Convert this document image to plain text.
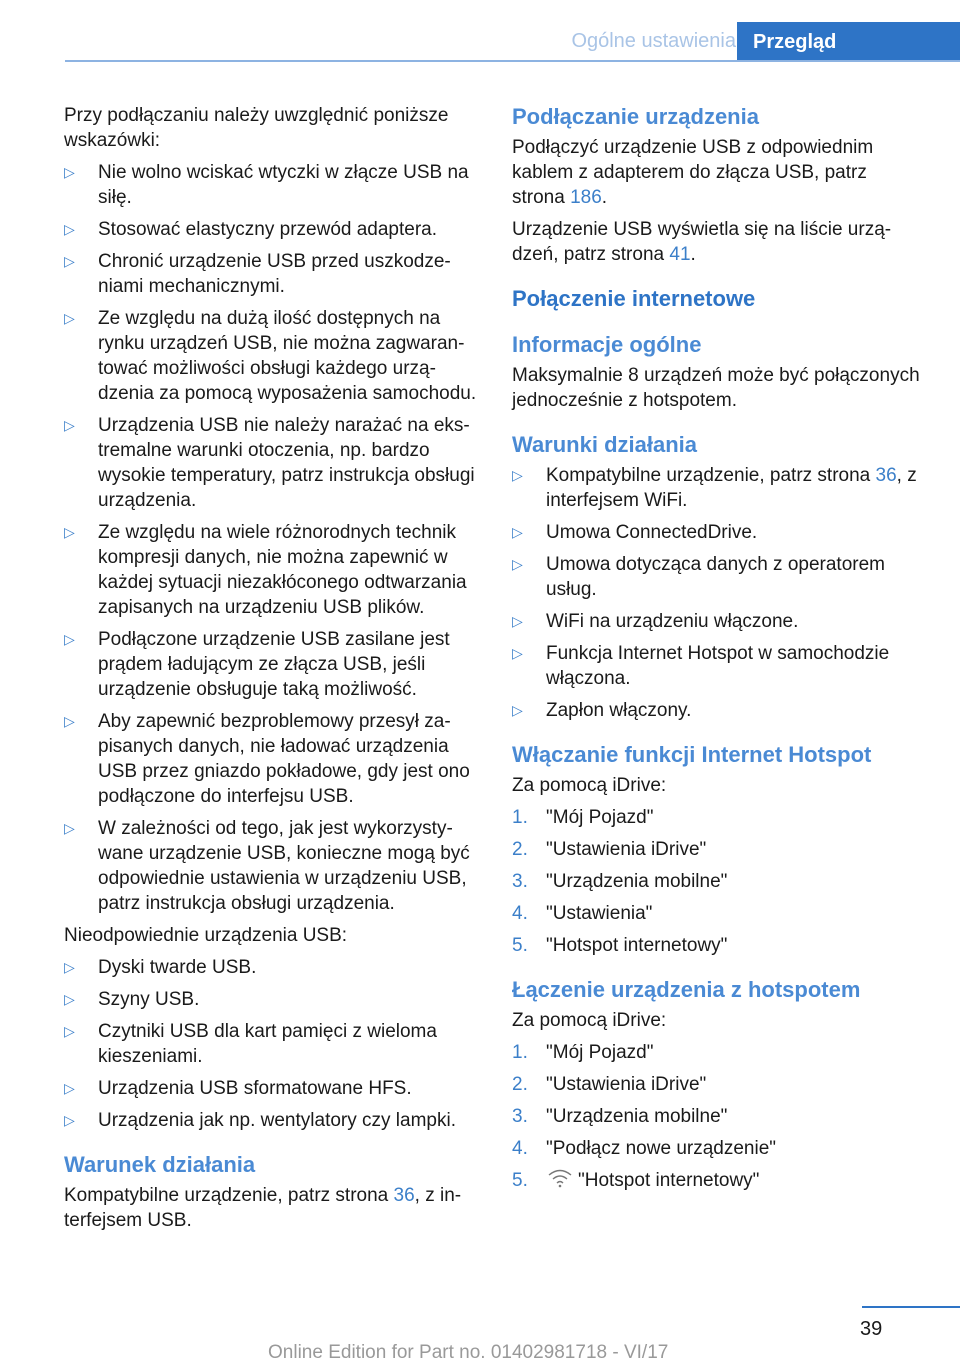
Ogólne ustawienia Przegląd

Przy podłączaniu należy uwzględnić poniższe wskazówki:

▷ Nie wolno wciskać wtyczki w złącze USB na siłę.
▷ Stosować elastyczny przewód adaptera.
▷ Chronić urządzenie USB przed uszkodzeniami mechanicznymi.
▷ Ze względu na dużą ilość dostępnych na rynku urządzeń USB, nie można zagwarantować możliwości obsługi każdego urządzenia za pomocą wyposażenia samochodu.
▷ Urządzenia USB nie należy narażać na ekstremalne warunki otoczenia, np. bardzo wysokie temperatury, patrz instrukcja obsługi urządzenia.
▷ Ze względu na wiele różnorodnych technik kompresji danych, nie można zapewnić w każdej sytuacji niezakłóconego odtwarzania zapisanych na urządzeniu USB plików.
▷ Podłączone urządzenie USB zasilane jest prądem ładującym ze złącza USB, jeśli urządzenie obsługuje taką możliwość.
▷ Aby zapewnić bezproblemowy przesył zapisanych danych, nie ładować urządzenia USB przez gniazdo pokładowe, gdy jest ono podłączone do interfejsu USB.
▷ W zależności od tego, jak jest wykorzystywane urządzenie USB, konieczne mogą być odpowiednie ustawienia w urządzeniu USB, patrz instrukcja obsługi urządzenia.

Nieodpowiednie urządzenia USB:

▷ Dyski twarde USB.
▷ Szyny USB.
▷ Czytniki USB dla kart pamięci z wieloma kieszeniami.
▷ Urządzenia USB sformatowane HFS.
▷ Urządzenia jak np. wentylatory czy lampki.
Warunek działania

Kompatybilne urządzenie, patrz strona 36, z interfejsem USB.

Podłączanie urządzenia

Podłączyć urządzenie USB z odpowiednim kablem z adapterem do złącza USB, patrz strona 186.

Urządzenie USB wyświetla się na liście urządzeń, patrz strona 41.

Połączenie internetowe
Informacje ogólne

Maksymalnie 8 urządzeń może być połączonych jednocześnie z hotspotem.

Warunki działania
▷ Kompatybilne urządzenie, patrz strona 36, z interfejsem WiFi.
▷ Umowa ConnectedDrive.
▷ Umowa dotycząca danych z operatorem usług.
▷ WiFi na urządzeniu włączone.
▷ Funkcja Internet Hotspot w samochodzie włączona.
▷ Zapłon włączony.
Włączanie funkcji Internet Hotspot

Za pomocą iDrive:

1. "Mój Pojazd"
2. "Ustawienia iDrive"
3. "Urządzenia mobilne"
4. "Ustawienia"
5. "Hotspot internetowy"
Łączenie urządzenia z hotspotem

Za pomocą iDrive:

1. "Mój Pojazd"
2. "Ustawienia iDrive"
3. "Urządzenia mobilne"
4. "Podłącz nowe urządzenie"
5.	"Hotspot internetowy"
39
Online Edition for Part no. 01402981718 - VI/17
